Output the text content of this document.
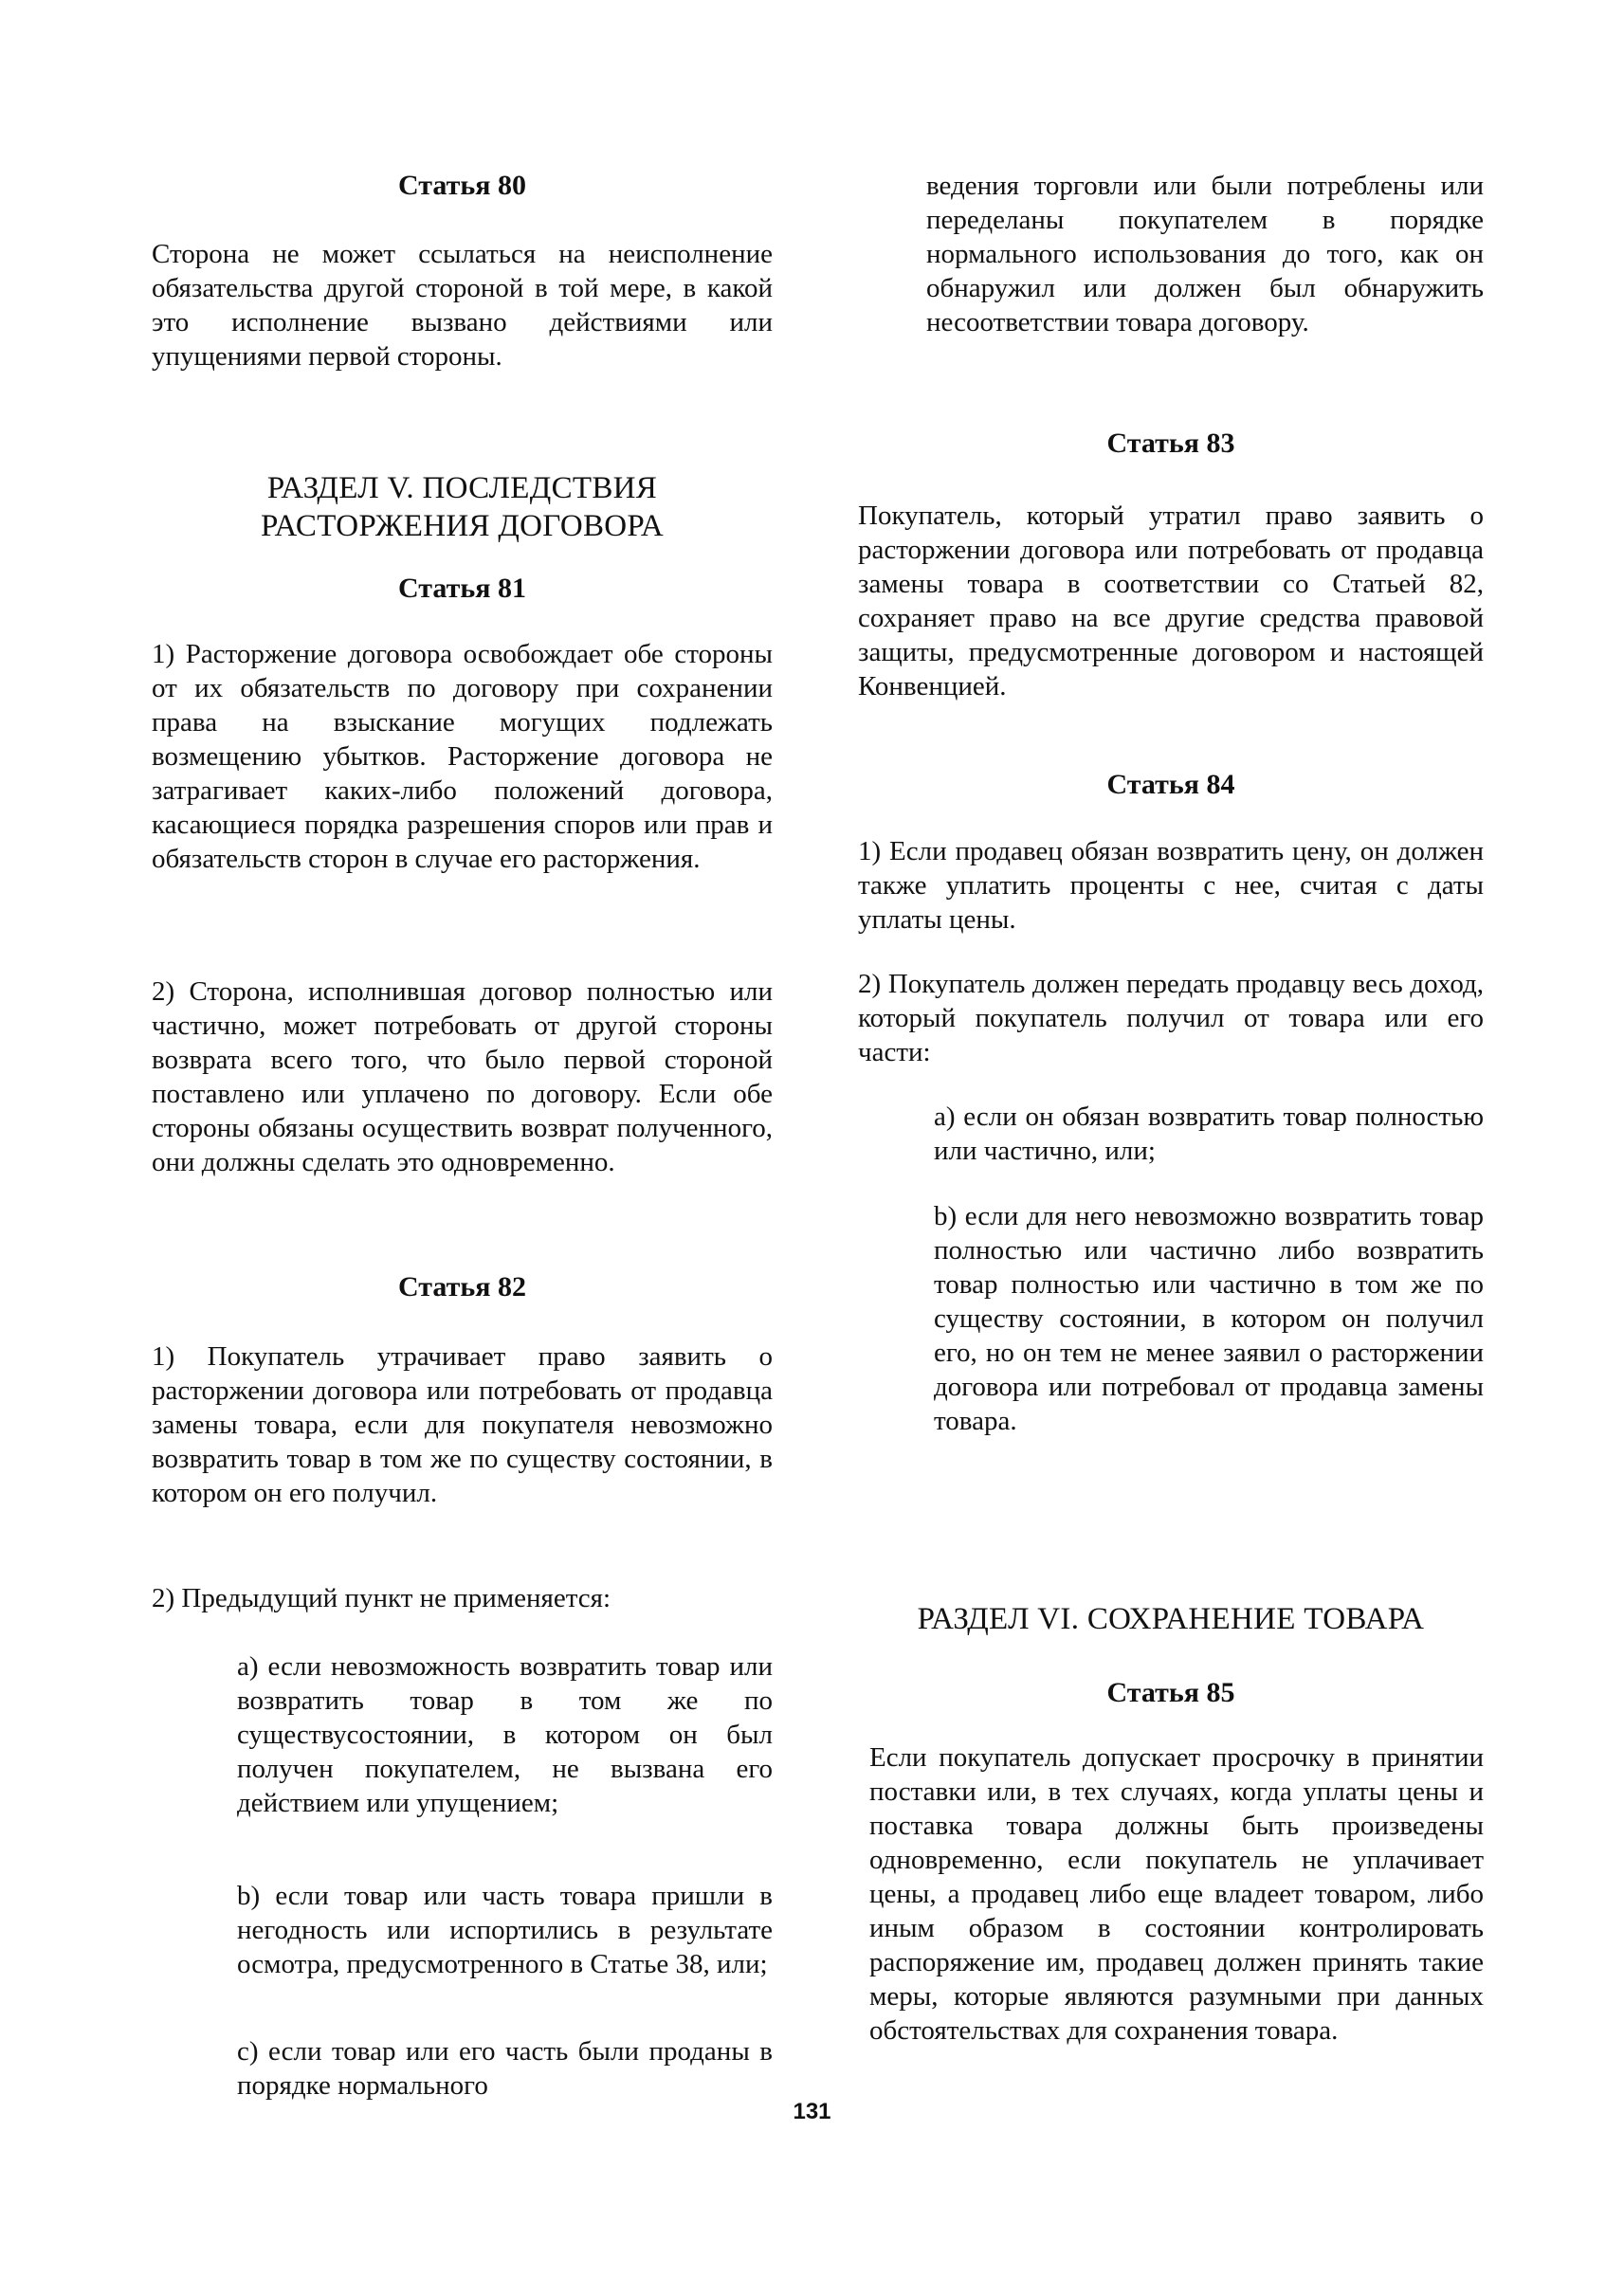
Статья 80

Сторона не может ссылаться на неисполнение обязательства другой стороной в той мере, в какой это исполнение вызвано действиями или упущениями первой стороны.

РАЗДЕЛ V. ПОСЛЕДСТВИЯ РАСТОРЖЕНИЯ ДОГОВОРА
Статья 81

1) Расторжение договора освобождает обе стороны от их обязательств по договору при сохранении права на взыскание могущих подлежать возмещению убытков. Расторжение договора не затрагивает каких-либо положений договора, касающиеся порядка разрешения споров или прав и обязательств сторон в случае его расторжения.

2) Сторона, исполнившая договор полностью или частично, может потребовать от другой стороны возврата всего того, что было первой стороной поставлено или уплачено по договору. Если обе стороны обязаны осуществить возврат полученного, они должны сделать это одновременно.

Статья 82

1) Покупатель утрачивает право заявить о расторжении договора или потребовать от продавца замены товара, если для покупателя невозможно возвратить товар в том же по существу состоянии, в котором он его получил.

2) Предыдущий пункт не применяется:

a) если невозможность возвратить товар или возвратить товар в том же по существусостоянии, в котором он был получен покупателем, не вызвана его действием или упущением;

b) если товар или часть товара пришли в негодность или испортились в результате осмотра, предусмотренного в Статье 38, или;

c) если товар или его часть были проданы в порядке нормального

ведения торговли или были потреблены или переделаны покупателем в порядке нормального использования до того, как он обнаружил или должен был обнаружить несоответствии товара договору.

Статья 83

Покупатель, который утратил право заявить о расторжении договора или потребовать от продавца замены товара в соответствии со Статьей 82, сохраняет право на все другие средства правовой защиты, предусмотренные договором и настоящей Конвенцией.

Статья 84

1) Если продавец обязан возвратить цену, он должен также уплатить проценты с нее, считая с даты уплаты цены.

2) Покупатель должен передать продавцу весь доход, который покупатель получил от товара или его части:

a) если он обязан возвратить товар полностью или частично, или;

b) если для него невозможно возвратить товар полностью или частично либо возвратить товар полностью или частично в том же по существу состоянии, в котором он получил его, но он тем не менее заявил о расторжении договора или потребовал от продавца замены товара.

РАЗДЕЛ VI. СОХРАНЕНИЕ ТОВАРА
Статья 85

Если покупатель допускает просрочку в принятии поставки или, в тех случаях, когда уплаты цены и поставка товара должны быть произведены одновременно, если покупатель не уплачивает цены, а продавец либо еще владеет товаром, либо иным образом в состоянии контролировать распоряжение им, продавец должен принять такие меры, которые являются разумными при данных обстоятельствах для сохранения товара.

131
